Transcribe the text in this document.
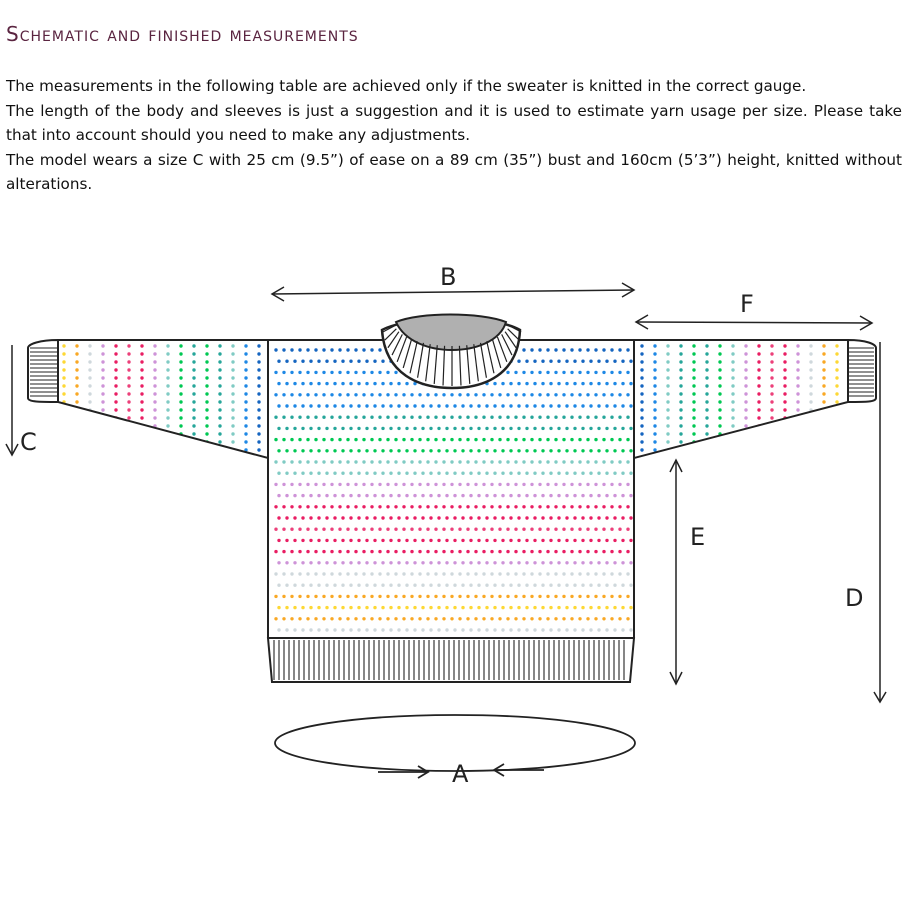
Schematic and finished measurements

The measurements in the following table are achieved only if the sweater is knitted in the correct gauge.

The length of the body and sleeves is just a suggestion and it is used to estimate yarn usage per size. Please take that into account should you need to make any adjustments.

The model wears a size C with 25 cm (9.5”) of ease on a 89 cm (35”) bust and 160cm (5’3”) height, knitted without alterations.

B
F
C
D
E
A
